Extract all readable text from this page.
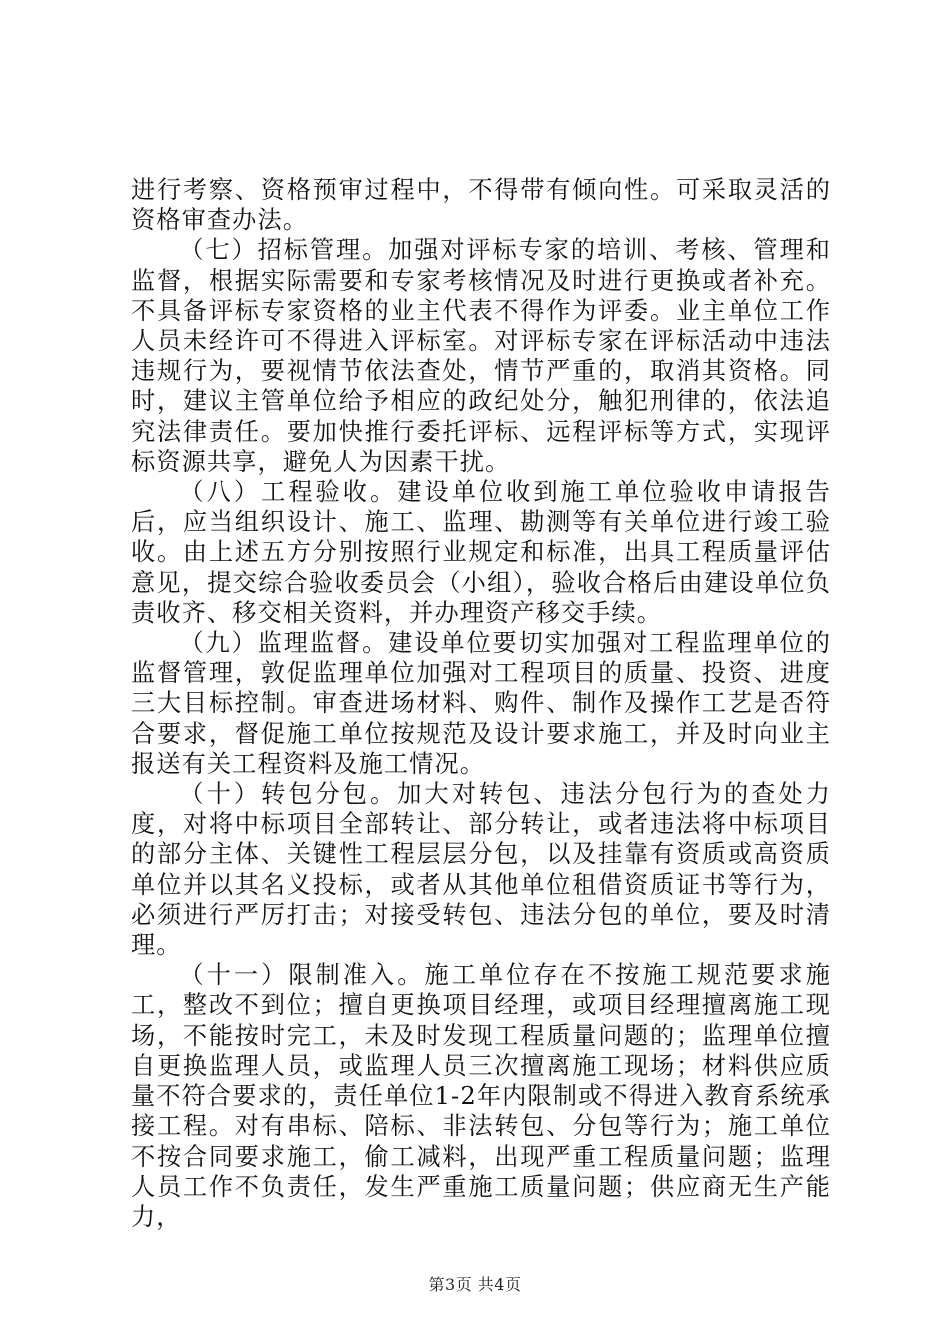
进行考察、资格预审过程中，不得带有倾向性。可采取灵活的资格审查办法。

（七）招标管理。加强对评标专家的培训、考核、管理和监督，根据实际需要和专家考核情况及时进行更换或者补充。不具备评标专家资格的业主代表不得作为评委。业主单位工作人员未经许可不得进入评标室。对评标专家在评标活动中违法违规行为，要视情节依法查处，情节严重的，取消其资格。同时，建议主管单位给予相应的政纪处分，触犯刑律的，依法追究法律责任。要加快推行委托评标、远程评标等方式，实现评标资源共享，避免人为因素干扰。

（八）工程验收。建设单位收到施工单位验收申请报告后，应当组织设计、施工、监理、勘测等有关单位进行竣工验收。由上述五方分别按照行业规定和标准，出具工程质量评估意见，提交综合验收委员会（小组），验收合格后由建设单位负责收齐、移交相关资料，并办理资产移交手续。

（九）监理监督。建设单位要切实加强对工程监理单位的监督管理，敦促监理单位加强对工程项目的质量、投资、进度三大目标控制。审查进场材料、购件、制作及操作工艺是否符合要求，督促施工单位按规范及设计要求施工，并及时向业主报送有关工程资料及施工情况。

（十）转包分包。加大对转包、违法分包行为的查处力度，对将中标项目全部转让、部分转让，或者违法将中标项目的部分主体、关键性工程层层分包，以及挂靠有资质或高资质单位并以其名义投标，或者从其他单位租借资质证书等行为，必须进行严厉打击；对接受转包、违法分包的单位，要及时清理。

（十一）限制准入。施工单位存在不按施工规范要求施工，整改不到位；擅自更换项目经理，或项目经理擅离施工现场，不能按时完工，未及时发现工程质量问题的；监理单位擅自更换监理人员，或监理人员三次擅离施工现场；材料供应质量不符合要求的，责任单位1-2年内限制或不得进入教育系统承接工程。对有串标、陪标、非法转包、分包等行为；施工单位不按合同要求施工，偷工减料，出现严重工程质量问题；监理人员工作不负责任，发生严重施工质量问题；供应商无生产能力，

第3页 共4页
